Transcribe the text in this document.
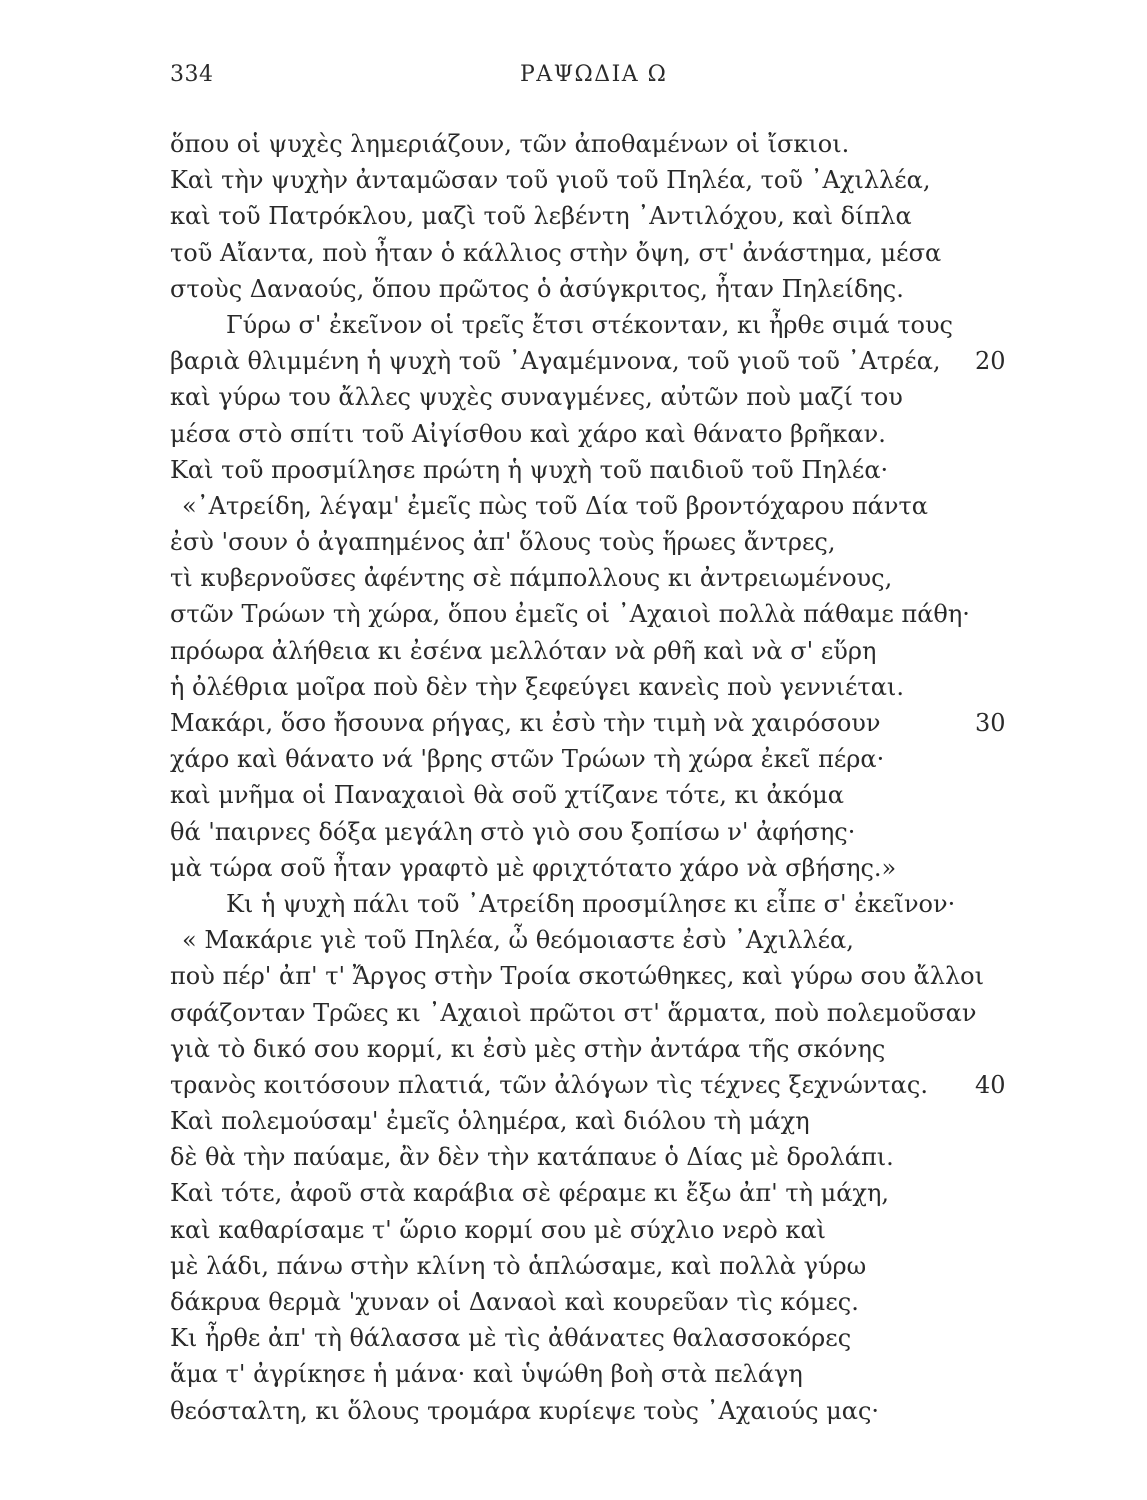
334	ΡΑΨΩΔΙΑ Ω
ὅπου οἱ ψυχὲς λημεριάζουν, τῶν ἀποθαμένων οἱ ἴσκιοι.
Καὶ τὴν ψυχὴν ἀνταμῶσαν τοῦ γιοῦ τοῦ Πηλέα, τοῦ ᾿Αχιλλέα,
καὶ τοῦ Πατρόκλου, μαζὶ τοῦ λεβέντη ᾿Αντιλόχου, καὶ δίπλα
τοῦ Αἴαντα, ποὺ ἦταν ὁ κάλλιος στὴν ὄψη, στ' ἀνάστημα, μέσα
στοὺς Δαναούς, ὅπου πρῶτος ὁ ἀσύγκριτος, ἦταν Πηλείδης.
Γύρω σ' ἐκεῖνον οἱ τρεῖς ἔτσι στέκονταν, κι ἦρθε σιμά τους
βαριὰ θλιμμένη ἡ ψυχὴ τοῦ ᾿Αγαμέμνονα, τοῦ γιοῦ τοῦ ᾿Ατρέα, 20
καὶ γύρω του ἄλλες ψυχὲς συναγμένες, αὐτῶν ποὺ μαζί του
μέσα στὸ σπίτι τοῦ Αἰγίσθου καὶ χάρο καὶ θάνατο βρῆκαν.
Καὶ τοῦ προσμίλησε πρώτη ἡ ψυχὴ τοῦ παιδιοῦ τοῦ Πηλέα·
«᾿Ατρείδη, λέγαμ' ἐμεῖς πὼς τοῦ Δία τοῦ βροντόχαρου πάντα
ἐσὺ 'σουν ὁ ἀγαπημένος ἀπ' ὅλους τοὺς ἥρωες ἄντρες,
τὶ κυβερνοῦσες ἀφέντης σὲ πάμπολλους κι ἀντρειωμένους,
στῶν Τρώων τὴ χώρα, ὅπου ἐμεῖς οἱ ᾿Αχαιοὶ πολλὰ πάθαμε πάθη·
πρόωρα ἀλήθεια κι ἐσένα μελλόταν νὰ ρθῆ καὶ νὰ σ' εὕρη
ἡ ὀλέθρια μοῖρα ποὺ δὲν τὴν ξεφεύγει κανεὶς ποὺ γεννιέται.
Μακάρι, ὅσο ἤσουνα ρήγας, κι ἐσὺ τὴν τιμὴ νὰ χαιρόσουν	30
χάρο καὶ θάνατο νά 'βρης στῶν Τρώων τὴ χώρα ἐκεῖ πέρα·
καὶ μνῆμα οἱ Παναχαιοὶ θὰ σοῦ χτίζανε τότε, κι ἀκόμα
θά 'παιρνες δόξα μεγάλη στὸ γιὸ σου ξοπίσω ν' ἀφήσης·
μὰ τώρα σοῦ ἦταν γραφτὸ μὲ φριχτότατο χάρο νὰ σβήσης.»
Κι ἡ ψυχὴ πάλι τοῦ ᾿Ατρείδη προσμίλησε κι εἶπε σ' ἐκεῖνον·
« Μακάριε γιὲ τοῦ Πηλέα, ὦ θεόμοιαστε ἐσὺ ᾿Αχιλλέα,
ποὺ πέρ' ἀπ' τ' Ἄργος στὴν Τροία σκοτώθηκες, καὶ γύρω σου ἄλλοι
σφάζονταν Τρῶες κι ᾿Αχαιοὶ πρῶτοι στ' ἅρματα, ποὺ πολεμοῦσαν
γιὰ τὸ δικό σου κορμί, κι ἐσὺ μὲς στὴν ἀντάρα τῆς σκόνης
τρανὸς κοιτόσουν πλατιά, τῶν ἀλόγων τὶς τέχνες ξεχνώντας. 40
Καὶ πολεμούσαμ' ἐμεῖς ὁλημέρα, καὶ διόλου τὴ μάχη
δὲ θὰ τὴν παύαμε, ἂν δὲν τὴν κατάπαυε ὁ Δίας μὲ δρολάπι.
Καὶ τότε, ἀφοῦ στὰ καράβια σὲ φέραμε κι ἔξω ἀπ' τὴ μάχη,
καὶ καθαρίσαμε τ' ὥριο κορμί σου μὲ σύχλιο νερὸ καὶ
μὲ λάδι, πάνω στὴν κλίνη τὸ ἁπλώσαμε, καὶ πολλὰ γύρω
δάκρυα θερμὰ 'χυναν οἱ Δαναοὶ καὶ κουρεῦαν τὶς κόμες.
Κι ἦρθε ἀπ' τὴ θάλασσα μὲ τὶς ἀθάνατες θαλασσοκόρες
ἅμα τ' ἀγρίκησε ἡ μάνα· καὶ ὑψώθη βοὴ στὰ πελάγη
θεόσταλτη, κι ὅλους τρομάρα κυρίεψε τοὺς ᾿Αχαιούς μας·
